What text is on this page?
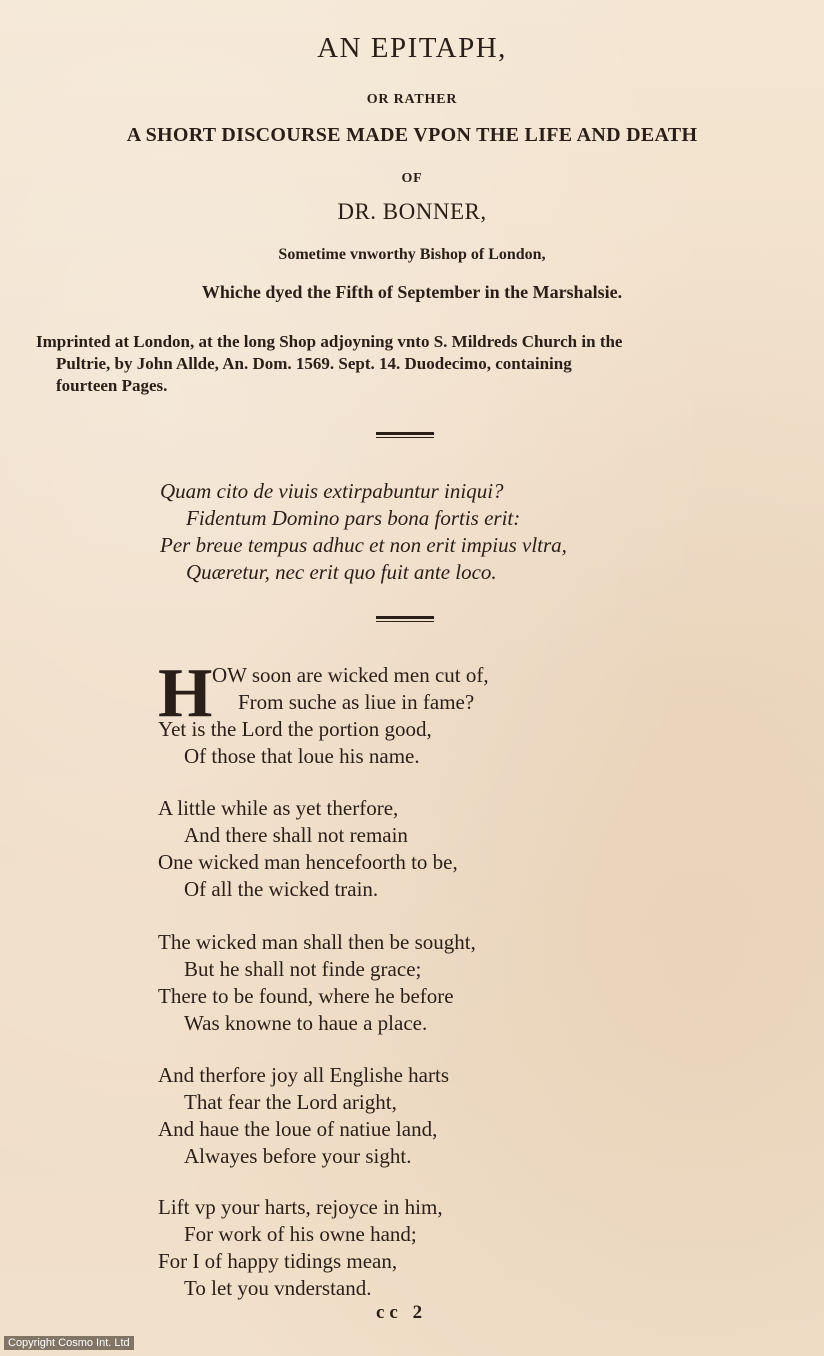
AN EPITAPH,
OR RATHER
A SHORT DISCOURSE MADE VPON THE LIFE AND DEATH
OF
DR. BONNER,
Sometime vnworthy Bishop of London,
Whiche dyed the Fifth of September in the Marshalsie.
Imprinted at London, at the long Shop adjoyning vnto S. Mildreds Church in the
Pultrie, by John Allde, An. Dom. 1569. Sept. 14. Duodecimo, containing
fourteen Pages.
Quam cito de viuis extirpabuntur iniqui?
Fidentum Domino pars bona fortis erit:
Per breue tempus adhuc et non erit impius vltra,
Quæretur, nec erit quo fuit ante loco.
H OW soon are wicked men cut of,
From suche as liue in fame?
Yet is the Lord the portion good,
Of those that loue his name.
A little while as yet therfore,
And there shall not remain
One wicked man hencefoorth to be,
Of all the wicked train.
The wicked man shall then be sought,
But he shall not finde grace;
There to be found, where he before
Was knowne to haue a place.
And therfore joy all Englishe harts
That fear the Lord aright,
And haue the loue of natiue land,
Alwayes before your sight.
Lift vp your harts, rejoyce in him,
For work of his owne hand;
For I of happy tidings mean,
To let you vnderstand.
cc 2
Copyright Cosmo Int. Ltd
